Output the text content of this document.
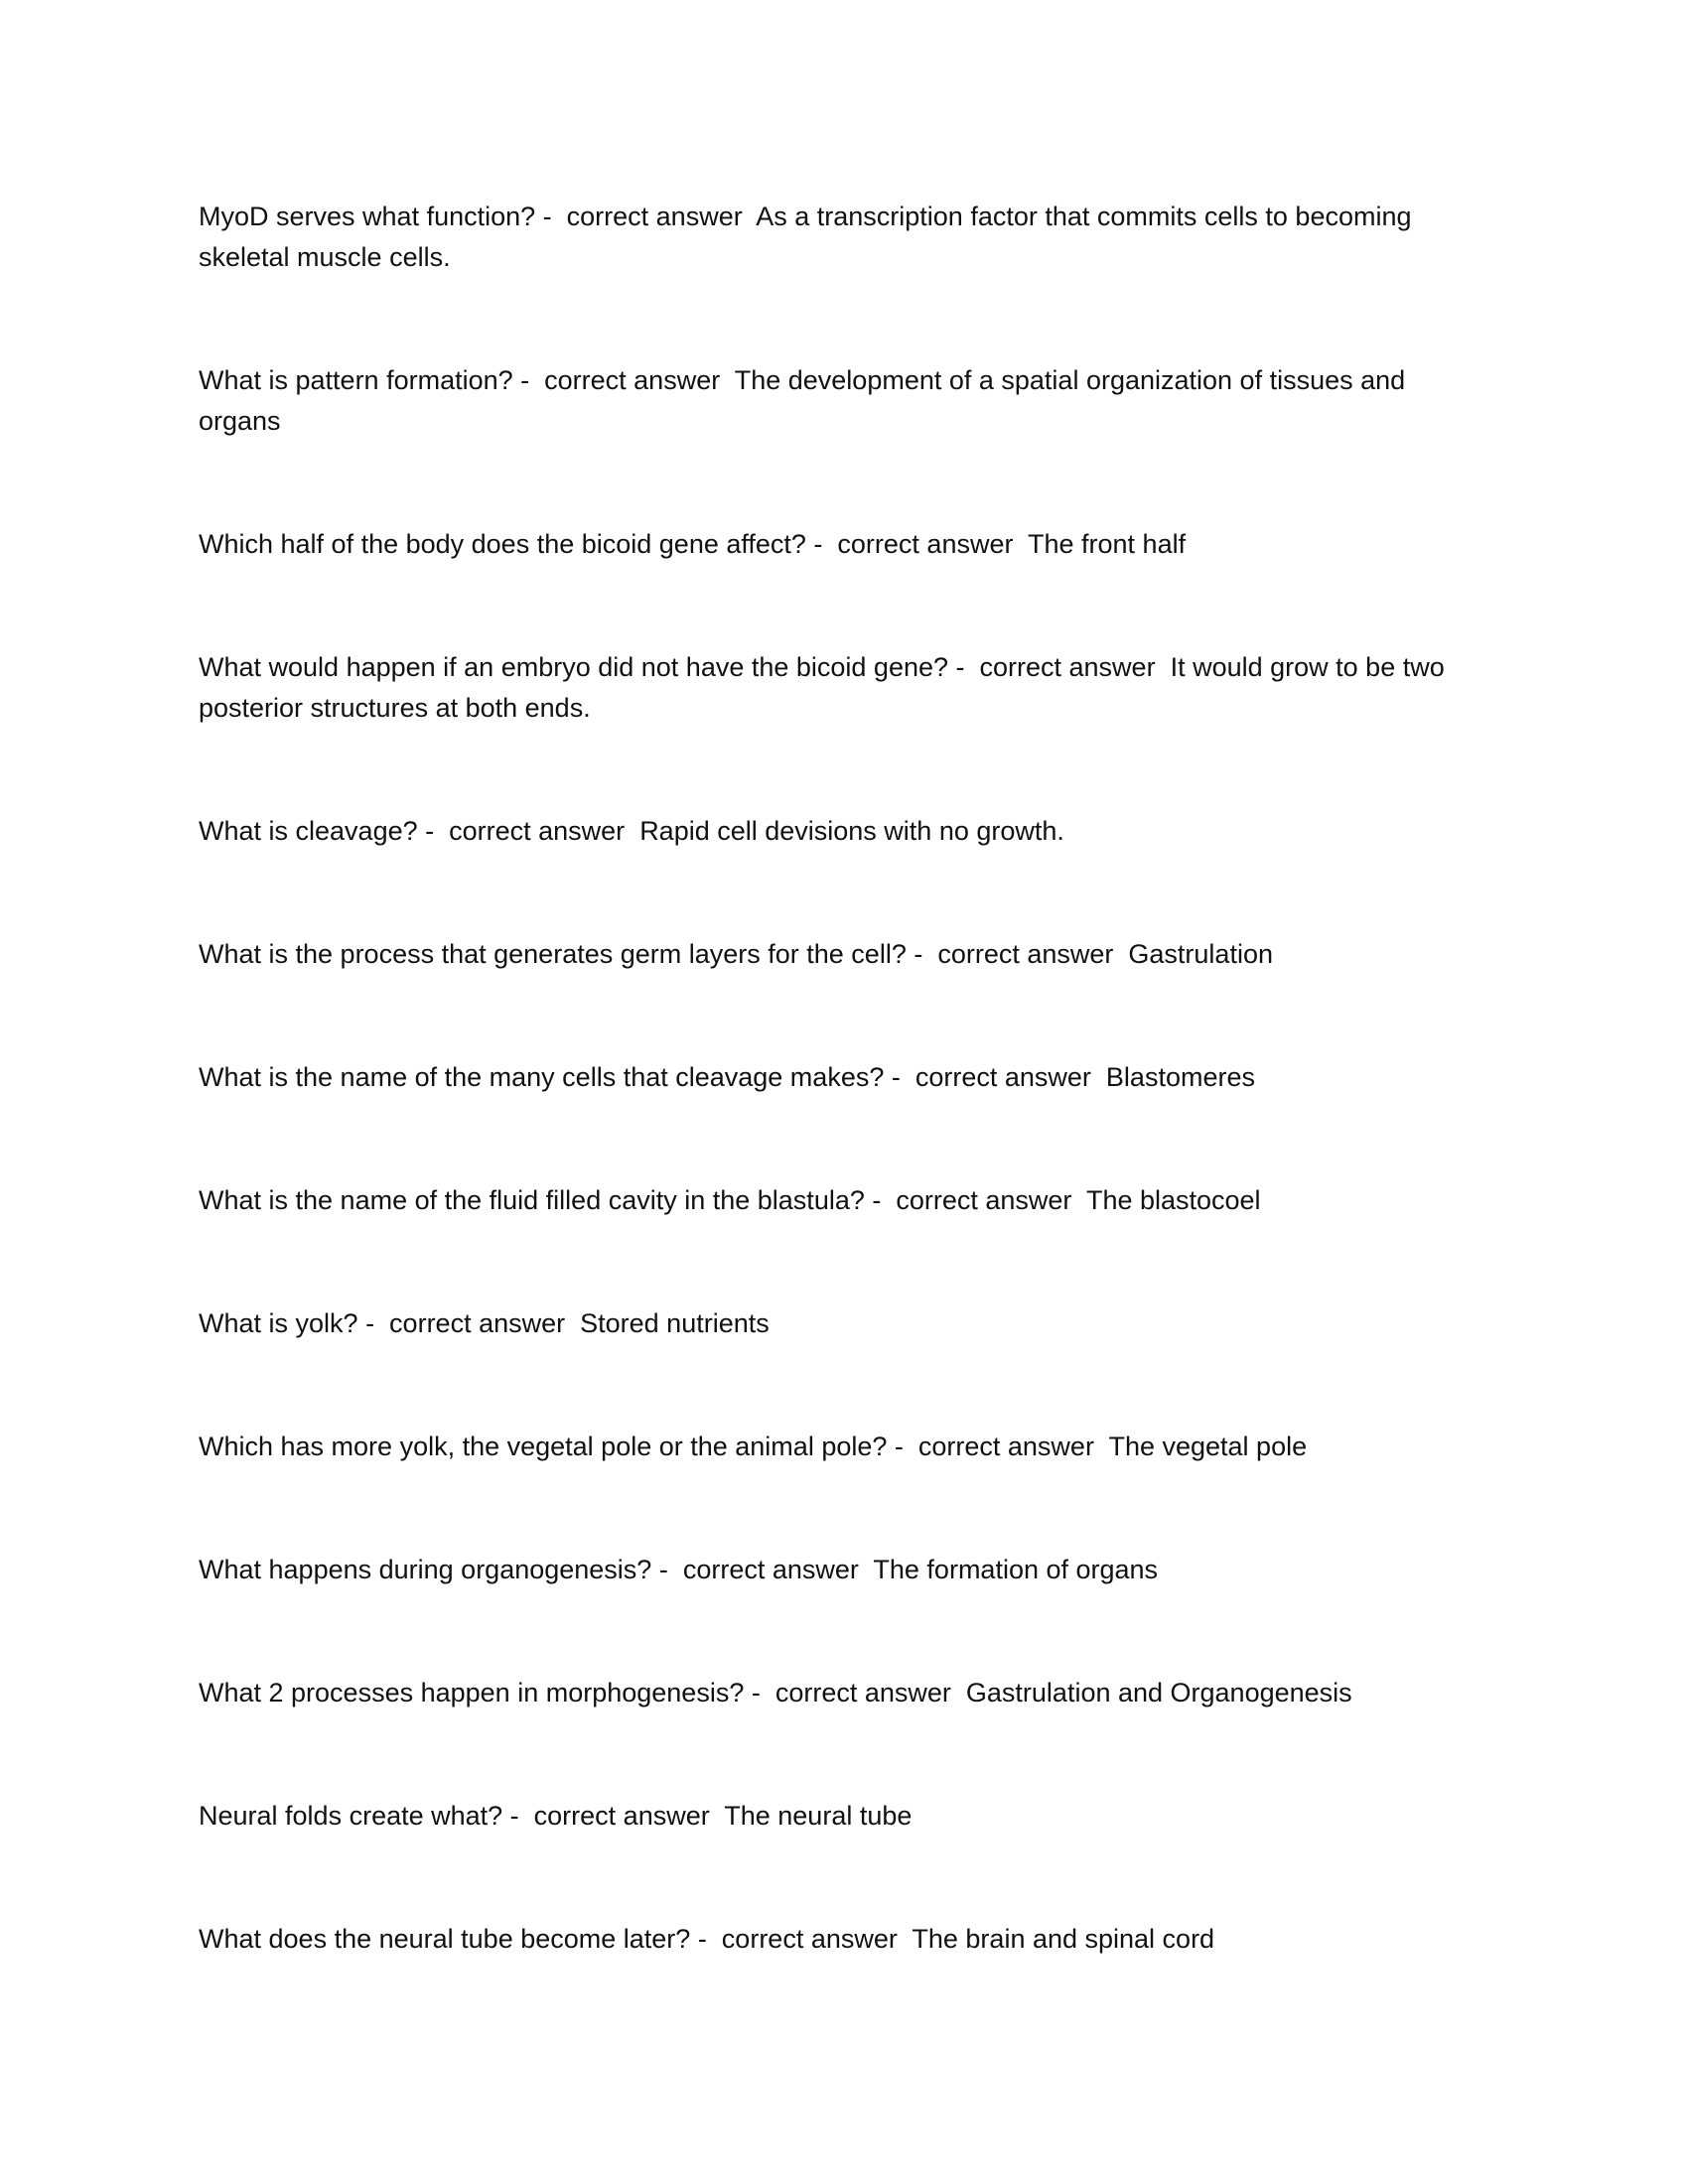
MyoD serves what function? -  correct answer  As a transcription factor that commits cells to becoming skeletal muscle cells.
What is pattern formation? -  correct answer  The development of a spatial organization of tissues and organs
Which half of the body does the bicoid gene affect? -  correct answer  The front half
What would happen if an embryo did not have the bicoid gene? -  correct answer  It would grow to be two posterior structures at both ends.
What is cleavage? -  correct answer  Rapid cell devisions with no growth.
What is the process that generates germ layers for the cell? -  correct answer  Gastrulation
What is the name of the many cells that cleavage makes? -  correct answer  Blastomeres
What is the name of the fluid filled cavity in the blastula? -  correct answer  The blastocoel
What is yolk? -  correct answer  Stored nutrients
Which has more yolk, the vegetal pole or the animal pole? -  correct answer  The vegetal pole
What happens during organogenesis? -  correct answer  The formation of organs
What 2 processes happen in morphogenesis? -  correct answer  Gastrulation and Organogenesis
Neural folds create what? -  correct answer  The neural tube
What does the neural tube become later? -  correct answer  The brain and spinal cord
